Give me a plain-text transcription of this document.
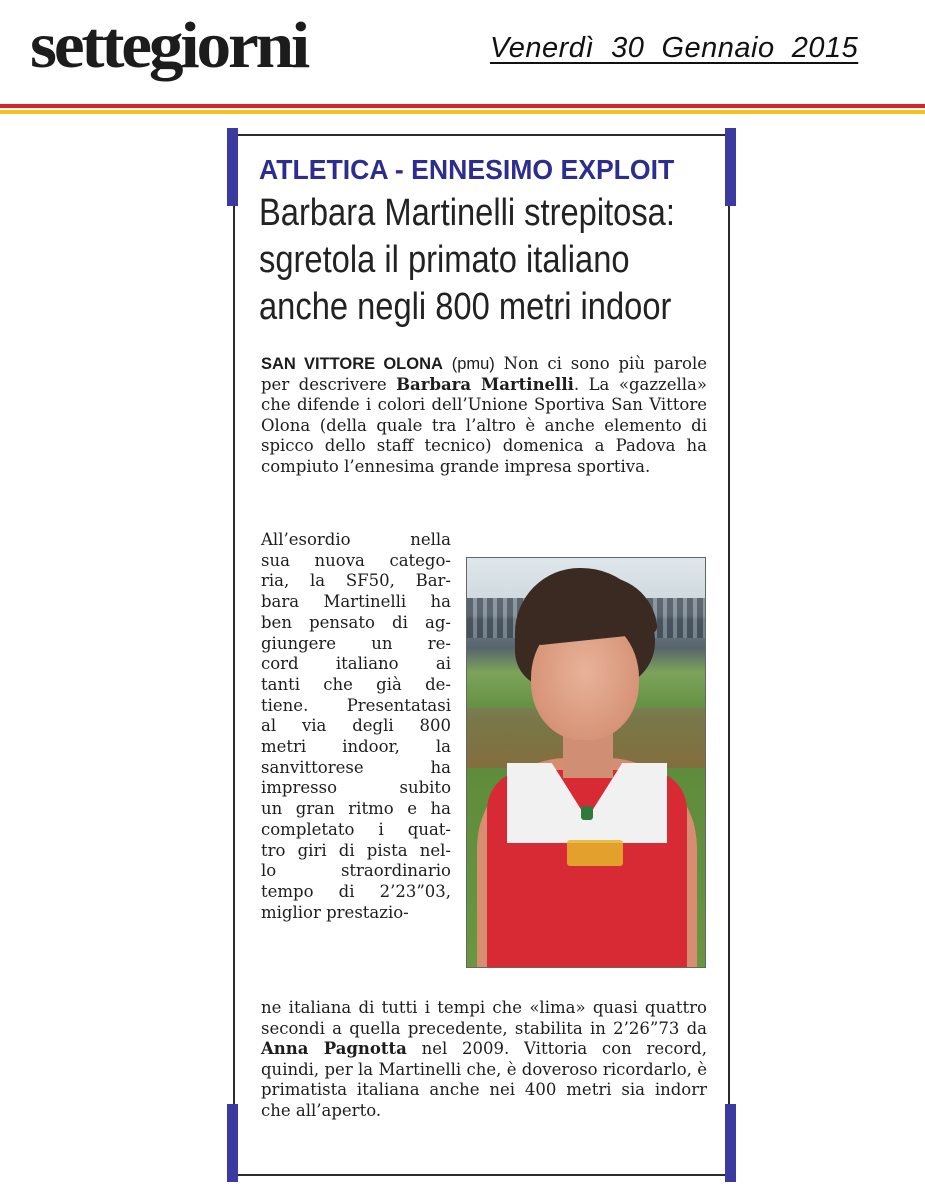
settegiorni	Venerdì  30  Gennaio  2015
ATLETICA - ENNESIMO EXPLOIT
Barbara Martinelli strepitosa:
sgretola il primato italiano
anche negli 800 metri indoor
SAN VITTORE OLONA (pmu) Non ci sono più parole per descrivere Barbara Martinelli. La «gazzella» che difende i colori dell’Unione Sportiva San Vittore Olona (della quale tra l’altro è anche elemento di spicco dello staff tecnico) domenica a Padova ha compiuto l’ennesima grande impresa sportiva.
All’esordio nella
sua nuova catego-
ria, la SF50, Bar-
bara Martinelli ha
ben pensato di ag-
giungere un re-
cord italiano ai
tanti che già de-
tiene. Presentatasi
al via degli 800
metri indoor, la
sanvittorese ha
impresso subito
un gran ritmo e ha
completato i quat-
tro giri di pista nel-
lo straordinario
tempo di 2’23”03,
miglior prestazio-
ne italiana di tutti i tempi che «lima» quasi quattro secondi a quella precedente, stabilita in 2’26”73 da Anna Pagnotta nel 2009. Vittoria con record, quindi, per la Martinelli che, è doveroso ricordarlo, è primatista italiana anche nei 400 metri sia indorr che all’aperto.
